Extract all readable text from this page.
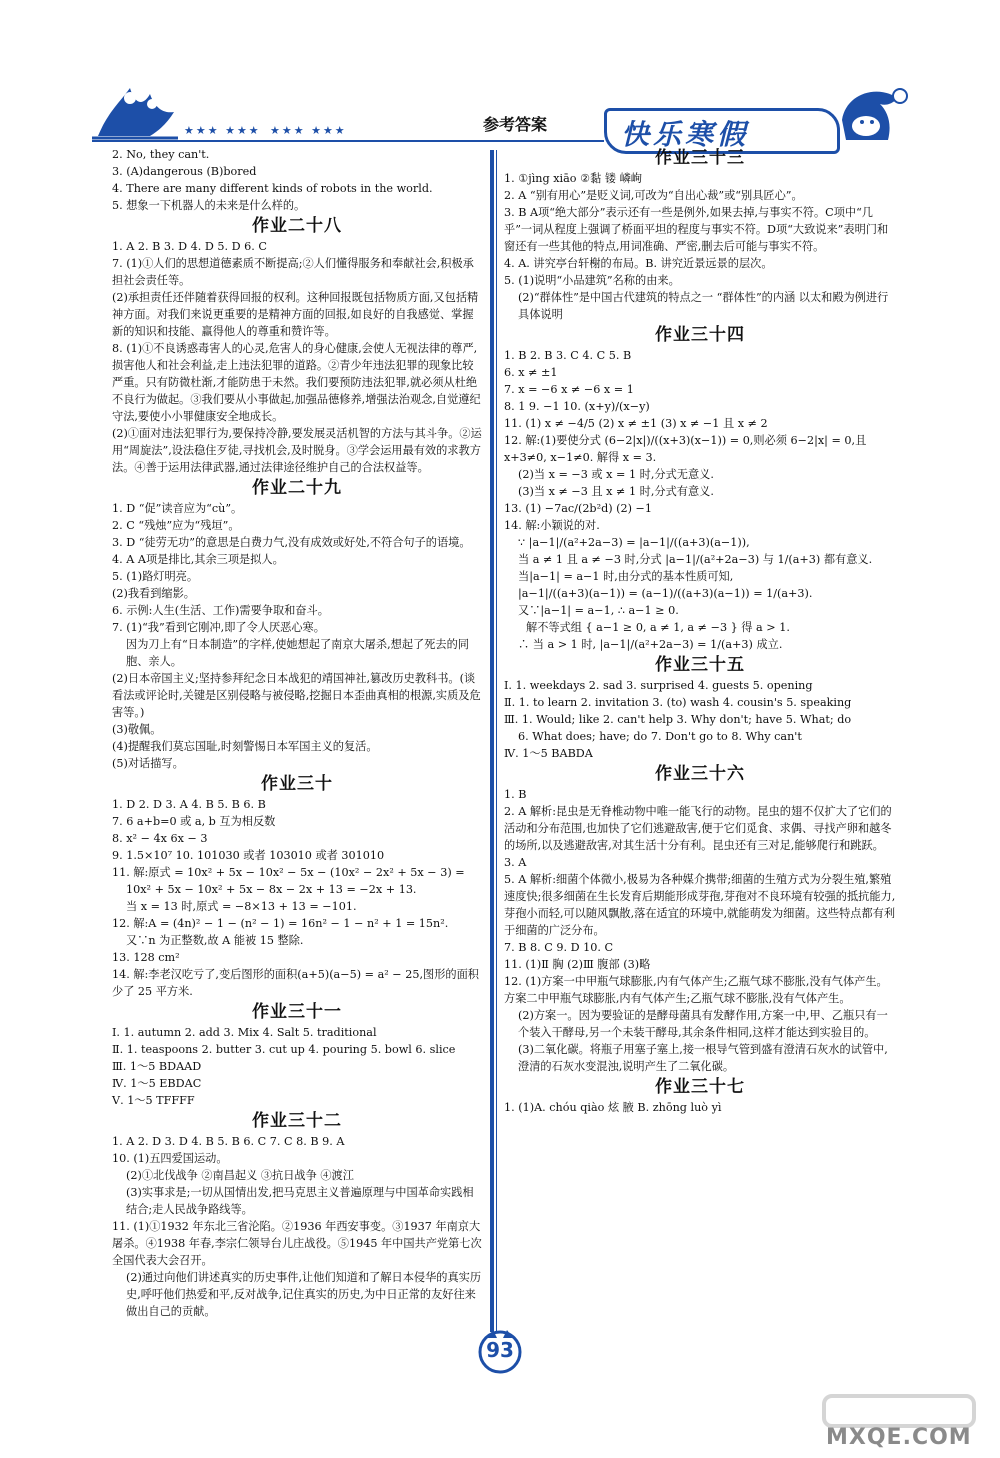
★★★ ★★★ ★★★ ★★★	参考答案	快乐寒假
2. No, they can't.
3. (A)dangerous (B)bored
4. There are many different kinds of robots in the world.
5. 想象一下机器人的未来是什么样的。
作业二十八
1. A 2. B 3. D 4. D 5. D 6. C
7. (1)①人们的思想道德素质不断提高;②人们懂得服务和奉献社会,积极承担社会责任等。
(2)承担责任还伴随着获得回报的权利。这种回报既包括物质方面,又包括精神方面。对我们来说更重要的是精神方面的回报,如良好的自我感觉、掌握新的知识和技能、赢得他人的尊重和赞许等。
8. (1)①不良诱惑毒害人的心灵,危害人的身心健康,会使人无视法律的尊严,损害他人和社会利益,走上违法犯罪的道路。②青少年违法犯罪的现象比较严重。只有防微杜渐,才能防患于未然。我们要预防违法犯罪,就必须从杜绝不良行为做起。③我们要从小事做起,加强品德修养,增强法治观念,自觉遵纪守法,要使小小罪健康安全地成长。
(2)①面对违法犯罪行为,要保持冷静,要发展灵活机智的方法与其斗争。②运用“周旋法”,设法稳住歹徒,寻找机会,及时脱身。③学会运用最有效的求教方法。④善于运用法律武器,通过法律途径维护自己的合法权益等。
作业二十九
1. D “促”读音应为“cù”。
2. C “残烛”应为“残垣”。
3. D “徒劳无功”的意思是白费力气,没有成效或好处,不符合句子的语境。
4. A A项是排比,其余三项是拟人。
5. (1)路灯明亮。
(2)我看到缩影。
6. 示例:人生(生活、工作)需要争取和奋斗。
7. (1)“我”看到它刚冲,即了令人厌恶心寒。
因为刀上有“日本制造”的字样,使她想起了南京大屠杀,想起了死去的同胞、亲人。
(2)日本帝国主义;坚持参拜纪念日本战犯的靖国神社,篡改历史教科书。(谈看法或评论时,关键是区别侵略与被侵略,挖掘日本歪曲真相的根源,实质及危害等。)
(3)敬佩。
(4)提醒我们莫忘国耻,时刻警惕日本军国主义的复活。
(5)对话描写。
作业三十
1. D 2. D 3. A 4. B 5. B 6. B
7. 6 a+b=0 或 a, b 互为相反数
8. x² − 4x 6x − 3
9. 1.5×10⁷ 10. 101030 或者 103010 或者 301010
11. 解:原式 = 10x² + 5x − 10x² − 5x − (10x² − 2x² + 5x − 3) =
10x² + 5x − 10x² + 5x − 8x − 2x + 13 = −2x + 13.
当 x = 13 时,原式 = −8×13 + 13 = −101.
12. 解:A = (4n)² − 1 − (n² − 1) = 16n² − 1 − n² + 1 = 15n².
又∵n 为正整数,故 A 能被 15 整除.
13. 128 cm²
14. 解:李老汉吃亏了,变后图形的面积(a+5)(a−5) = a² − 25,图形的面积少了 25 平方米.
作业三十一
Ⅰ. 1. autumn 2. add 3. Mix 4. Salt 5. traditional
Ⅱ. 1. teaspoons 2. butter 3. cut up 4. pouring 5. bowl 6. slice
Ⅲ. 1～5 BDAAD
Ⅳ. 1～5 EBDAC
Ⅴ. 1～5 TFFFF
作业三十二
1. A 2. D 3. D 4. B 5. B 6. C 7. C 8. B 9. A
10. (1)五四爱国运动。
(2)①北伐战争 ②南昌起义 ③抗日战争 ④渡江
(3)实事求是;一切从国情出发,把马克思主义普遍原理与中国革命实践相结合;走人民战争路线等。
11. (1)①1932 年东北三省沦陷。②1936 年西安事变。③1937 年南京大屠杀。④1938 年春,李宗仁领导台儿庄战役。⑤1945 年中国共产党第七次全国代表大会召开。
(2)通过向他们讲述真实的历史事件,让他们知道和了解日本侵华的真实历史,呼吁他们热爱和平,反对战争,记住真实的历史,为中日正常的友好往来做出自己的贡献。
作业三十三
1. ①jìng xiāo ②黏 镂 嶙峋
2. A “别有用心”是贬义词,可改为“自出心裁”或“别具匠心”。
3. B A项“绝大部分”表示还有一些是例外,如果去掉,与事实不符。C项中“几乎”一词从程度上强调了桥面平坦的程度与事实不符。D项“大致说来”表明门和窗还有一些其他的特点,用词准确、严密,删去后可能与事实不符。
4. A. 讲究亭台轩榭的布局。B. 讲究近景远景的层次。
5. (1)说明“小品建筑”名称的由来。
(2)“群体性”是中国古代建筑的特点之一 “群体性”的内涵 以太和殿为例进行具体说明
作业三十四
1. B 2. B 3. C 4. C 5. B
6. x ≠ ±1
7. x = −6 x ≠ −6 x = 1
8. 1 9. −1 10. (x+y)/(x−y)
11. (1) x ≠ −4/5 (2) x ≠ ±1 (3) x ≠ −1 且 x ≠ 2
12. 解:(1)要使分式 (6−2|x|)/((x+3)(x−1)) = 0,则必须 6−2|x| = 0,且 x+3≠0, x−1≠0. 解得 x = 3.
(2)当 x = −3 或 x = 1 时,分式无意义.
(3)当 x ≠ −3 且 x ≠ 1 时,分式有意义.
13. (1) −7ac/(2b²d) (2) −1
14. 解:小颖说的对.
∵ |a−1|/(a²+2a−3) = |a−1|/((a+3)(a−1)),
当 a ≠ 1 且 a ≠ −3 时,分式 |a−1|/(a²+2a−3) 与 1/(a+3) 都有意义.
当|a−1| = a−1 时,由分式的基本性质可知,
|a−1|/((a+3)(a−1)) = (a−1)/((a+3)(a−1)) = 1/(a+3).
又∵|a−1| = a−1, ∴ a−1 ≥ 0.
解不等式组 { a−1 ≥ 0, a ≠ 1, a ≠ −3 } 得 a > 1.
∴ 当 a > 1 时, |a−1|/(a²+2a−3) = 1/(a+3) 成立.
作业三十五
Ⅰ. 1. weekdays 2. sad 3. surprised 4. guests 5. opening
Ⅱ. 1. to learn 2. invitation 3. (to) wash 4. cousin's 5. speaking
Ⅲ. 1. Would; like 2. can't help 3. Why don't; have 5. What; do
6. What does; have; do 7. Don't go to 8. Why can't
Ⅳ. 1～5 BABDA
作业三十六
1. B
2. A 解析:昆虫是无脊椎动物中唯一能飞行的动物。昆虫的翅不仅扩大了它们的活动和分布范围,也加快了它们逃避敌害,便于它们觅食、求偶、寻找产卵和越冬的场所,以及逃避敌害,对其生活十分有利。昆虫还有三对足,能够爬行和跳跃。
3. A
5. A 解析:细菌个体微小,极易为各种媒介携带;细菌的生殖方式为分裂生殖,繁殖速度快;很多细菌在生长发育后期能形成芽孢,芽孢对不良环境有较强的抵抗能力,芽孢小而轻,可以随风飘散,落在适宜的环境中,就能萌发为细菌。这些特点都有利于细菌的广泛分布。
7. B 8. C 9. D 10. C
11. (1)Ⅱ 胸 (2)Ⅲ 腹部 (3)略
12. (1)方案一中甲瓶气球膨胀,内有气体产生;乙瓶气球不膨胀,没有气体产生。方案二中甲瓶气球膨胀,内有气体产生;乙瓶气球不膨胀,没有气体产生。
(2)方案一。因为要验证的是酵母菌具有发酵作用,方案一中,甲、乙瓶只有一个装入干酵母,另一个未装干酵母,其余条件相同,这样才能达到实验目的。
(3)二氧化碳。将瓶子用塞子塞上,接一根导气管到盛有澄清石灰水的试管中,澄清的石灰水变混浊,说明产生了二氧化碳。
作业三十七
1. (1)A. chóu qiào 炫 腋 B. zhōng luò yì
93
MXQE.COM
